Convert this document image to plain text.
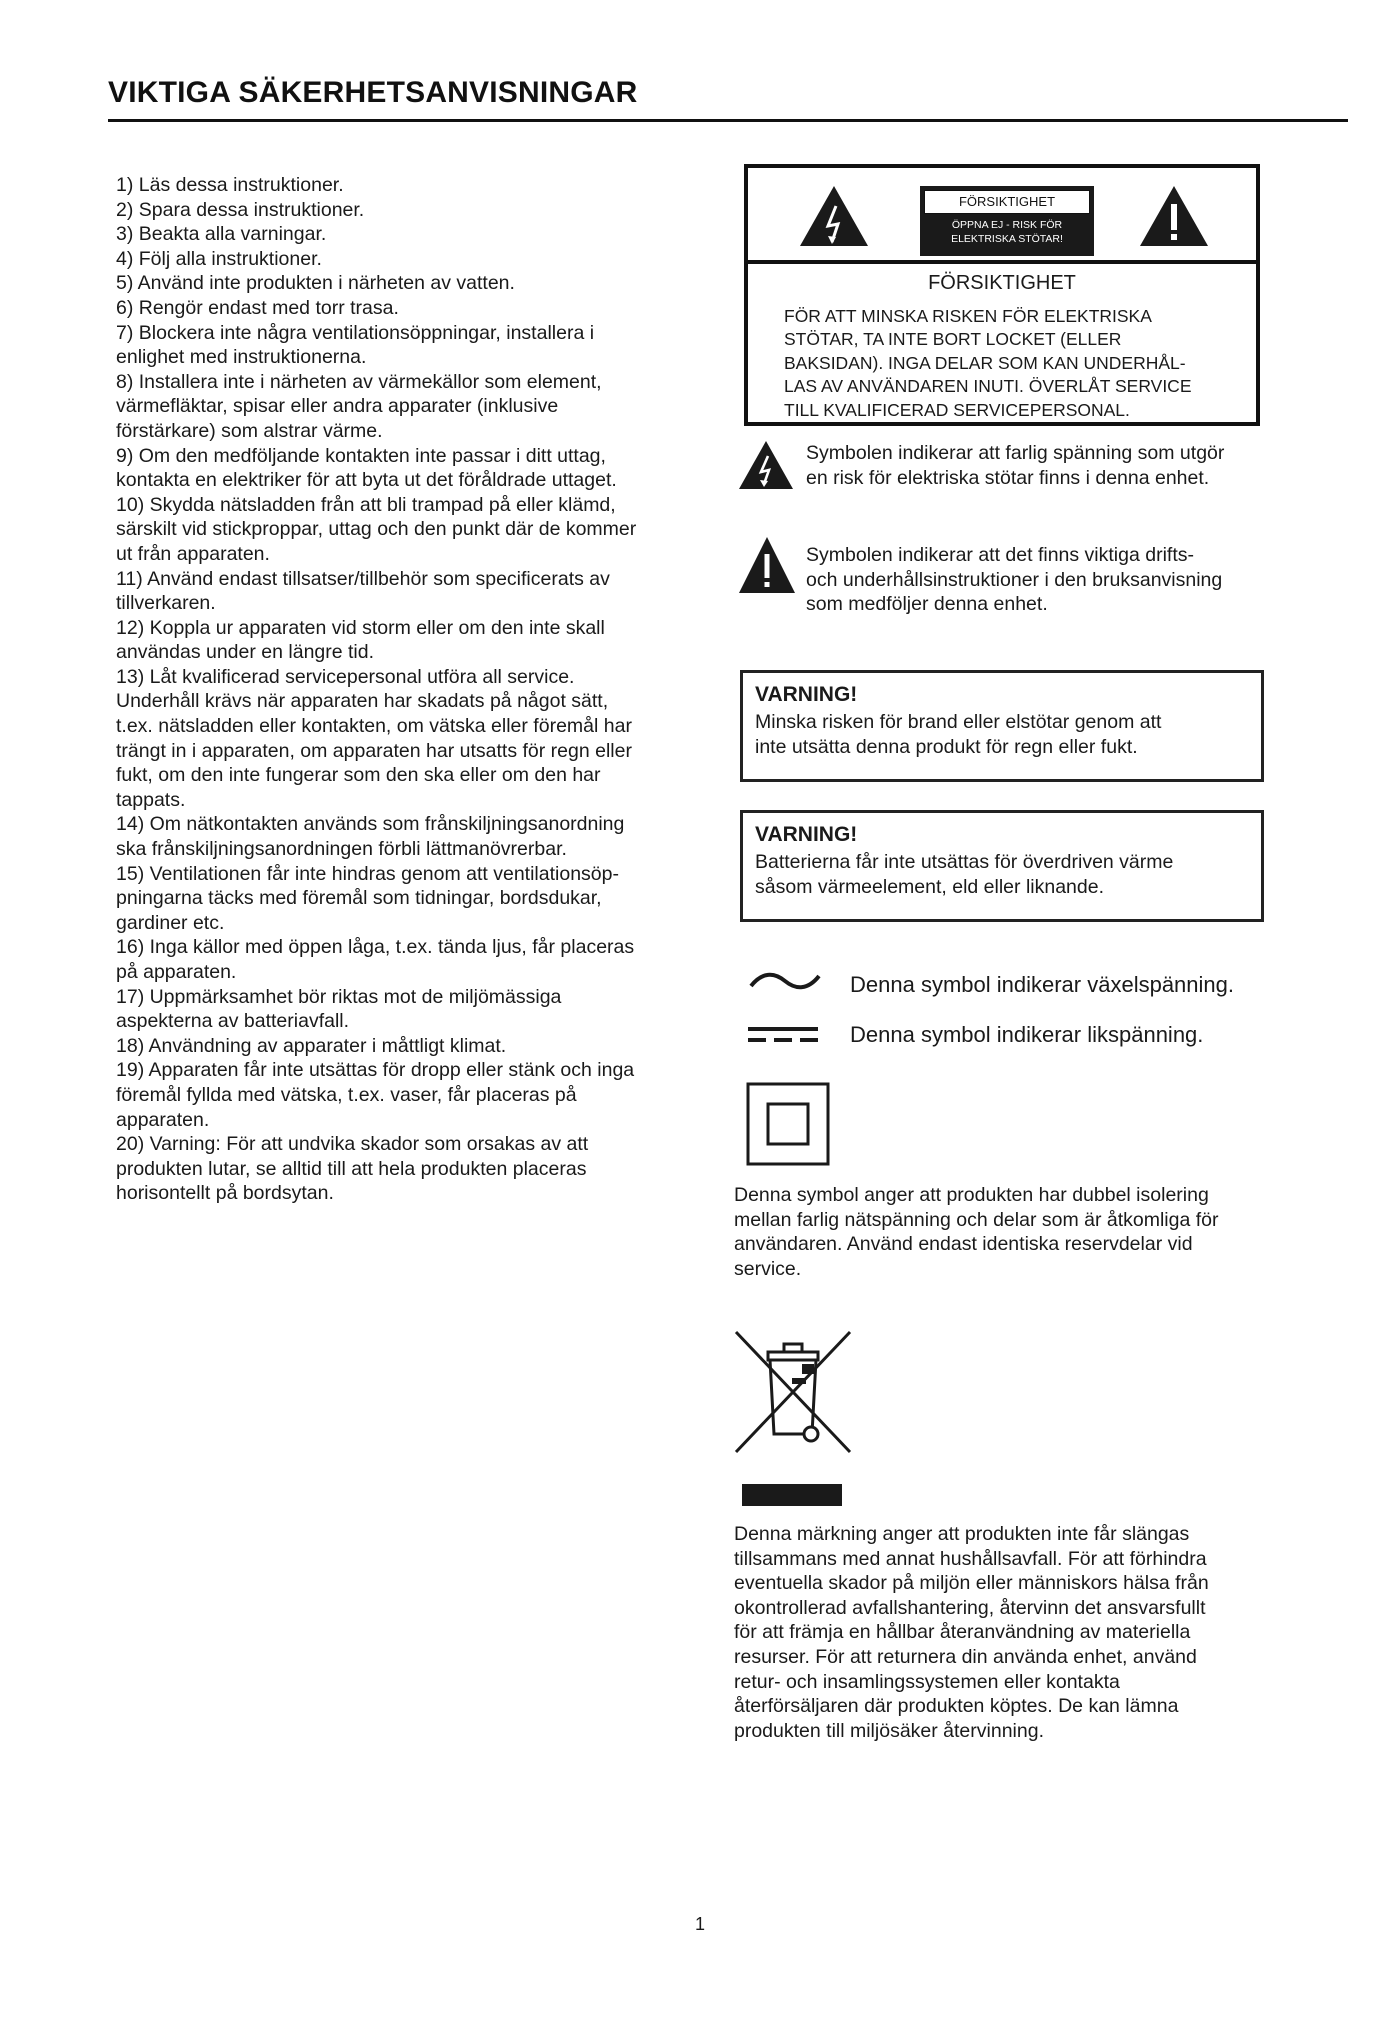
VIKTIGA SÄKERHETSANVISNINGAR

1) Läs dessa instruktioner.

2) Spara dessa instruktioner.

3) Beakta alla varningar.

4) Följ alla instruktioner.

5) Använd inte produkten i närheten av vatten.

6) Rengör endast med torr trasa.

7) Blockera inte några ventilationsöppningar, installera i

enlighet med instruktionerna.

8) Installera inte i närheten av värmekällor som element,

värmefläktar, spisar eller andra apparater (inklusive

förstärkare) som alstrar värme.

9) Om den medföljande kontakten inte passar i ditt uttag,

kontakta en elektriker för att byta ut det föråldrade uttaget.

10) Skydda nätsladden från att bli trampad på eller klämd,

särskilt vid stickproppar, uttag och den punkt där de kommer

ut från apparaten.

11) Använd endast tillsatser/tillbehör som specificerats av

tillverkaren.

12) Koppla ur apparaten vid storm eller om den inte skall

användas under en längre tid.

13) Låt kvalificerad servicepersonal utföra all service.

Underhåll krävs när apparaten har skadats på något sätt,

t.ex. nätsladden eller kontakten, om vätska eller föremål har

trängt in i apparaten, om apparaten har utsatts för regn eller

fukt, om den inte fungerar som den ska eller om den har

tappats.

14) Om nätkontakten används som frånskiljningsanordning

ska frånskiljningsanordningen förbli lättmanövrerbar.

15) Ventilationen får inte hindras genom att ventilationsöp-

pningarna täcks med föremål som tidningar, bordsdukar,

gardiner etc.

16) Inga källor med öppen låga, t.ex. tända ljus, får placeras

på apparaten.

17) Uppmärksamhet bör riktas mot de miljömässiga

aspekterna av batteriavfall.

18) Användning av apparater i måttligt klimat.

19) Apparaten får inte utsättas för dropp eller stänk och inga

föremål fyllda med vätska, t.ex. vaser, får placeras på

apparaten.

20) Varning: För att undvika skador som orsakas av att

produkten lutar, se alltid till att hela produkten placeras

horisontellt på bordsytan.

FÖRSIKTIGHET
ÖPPNA EJ - RISK FÖR
ELEKTRISKA STÖTAR!
FÖRSIKTIGHET

FÖR ATT MINSKA RISKEN FÖR ELEKTRISKA

STÖTAR, TA INTE BORT LOCKET (ELLER

BAKSIDAN). INGA DELAR SOM KAN UNDERHÅL-

LAS AV ANVÄNDAREN INUTI. ÖVERLÅT SERVICE

TILL KVALIFICERAD SERVICEPERSONAL.

Symbolen indikerar att farlig spänning som utgör
en risk för elektriska stötar finns i denna enhet.
Symbolen indikerar att det finns viktiga drifts-
och underhållsinstruktioner i den bruksanvisning
som medföljer denna enhet.

VARNING!

Minska risken för brand eller elstötar genom att

inte utsätta denna produkt för regn eller fukt.

VARNING!

Batterierna får inte utsättas för överdriven värme

såsom värmeelement, eld eller liknande.

Denna symbol indikerar växelspänning.
Denna symbol indikerar likspänning.

Denna symbol anger att produkten har dubbel isolering

mellan farlig nätspänning och delar som är åtkomliga för

användaren. Använd endast identiska reservdelar vid

service.

Denna märkning anger att produkten inte får slängas

tillsammans med annat hushållsavfall. För att förhindra

eventuella skador på miljön eller människors hälsa från

okontrollerad avfallshantering, återvinn det ansvarsfullt

för att främja en hållbar återanvändning av materiella

resurser. För att returnera din använda enhet, använd

retur- och insamlingssystemen eller kontakta

återförsäljaren där produkten köptes. De kan lämna

produkten till miljösäker återvinning.

1
